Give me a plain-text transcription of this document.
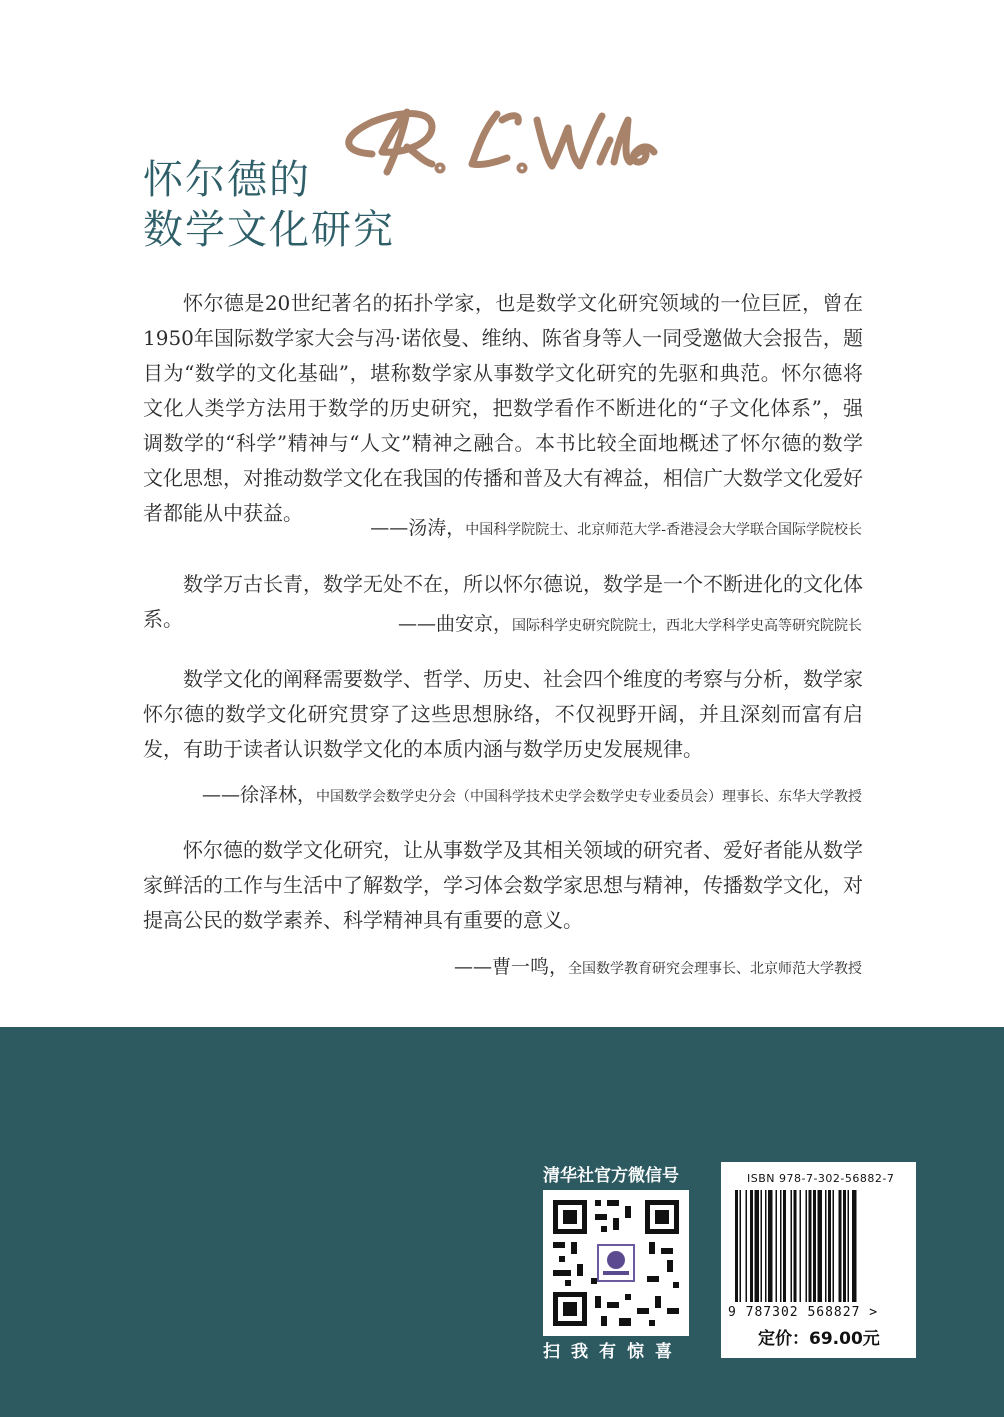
怀尔德的
数学文化研究

怀尔德是20世纪著名的拓扑学家，也是数学文化研究领域的一位巨匠，曾在1950年国际数学家大会与冯·诺依曼、维纳、陈省身等人一同受邀做大会报告，题目为“数学的文化基础”，堪称数学家从事数学文化研究的先驱和典范。怀尔德将文化人类学方法用于数学的历史研究，把数学看作不断进化的“子文化体系”，强调数学的“科学”精神与“人文”精神之融合。本书比较全面地概述了怀尔德的数学文化思想，对推动数学文化在我国的传播和普及大有裨益，相信广大数学文化爱好者都能从中获益。

——汤涛，中国科学院院士、北京师范大学-香港浸会大学联合国际学院校长

数学万古长青，数学无处不在，所以怀尔德说，数学是一个不断进化的文化体系。	——曲安京，国际科学史研究院院士，西北大学科学史高等研究院院长

数学文化的阐释需要数学、哲学、历史、社会四个维度的考察与分析，数学家怀尔德的数学文化研究贯穿了这些思想脉络，不仅视野开阔，并且深刻而富有启发，有助于读者认识数学文化的本质内涵与数学历史发展规律。

——徐泽林，中国数学会数学史分会（中国科学技术史学会数学史专业委员会）理事长、东华大学教授

怀尔德的数学文化研究，让从事数学及其相关领域的研究者、爱好者能从数学家鲜活的工作与生活中了解数学，学习体会数学家思想与精神，传播数学文化，对提高公民的数学素养、科学精神具有重要的意义。

——曹一鸣，全国数学教育研究会理事长、北京师范大学教授
清华社官方微信号
扫我有惊喜
ISBN 978-7-302-56882-7
9 787302 568827 >
定价：69.00元
